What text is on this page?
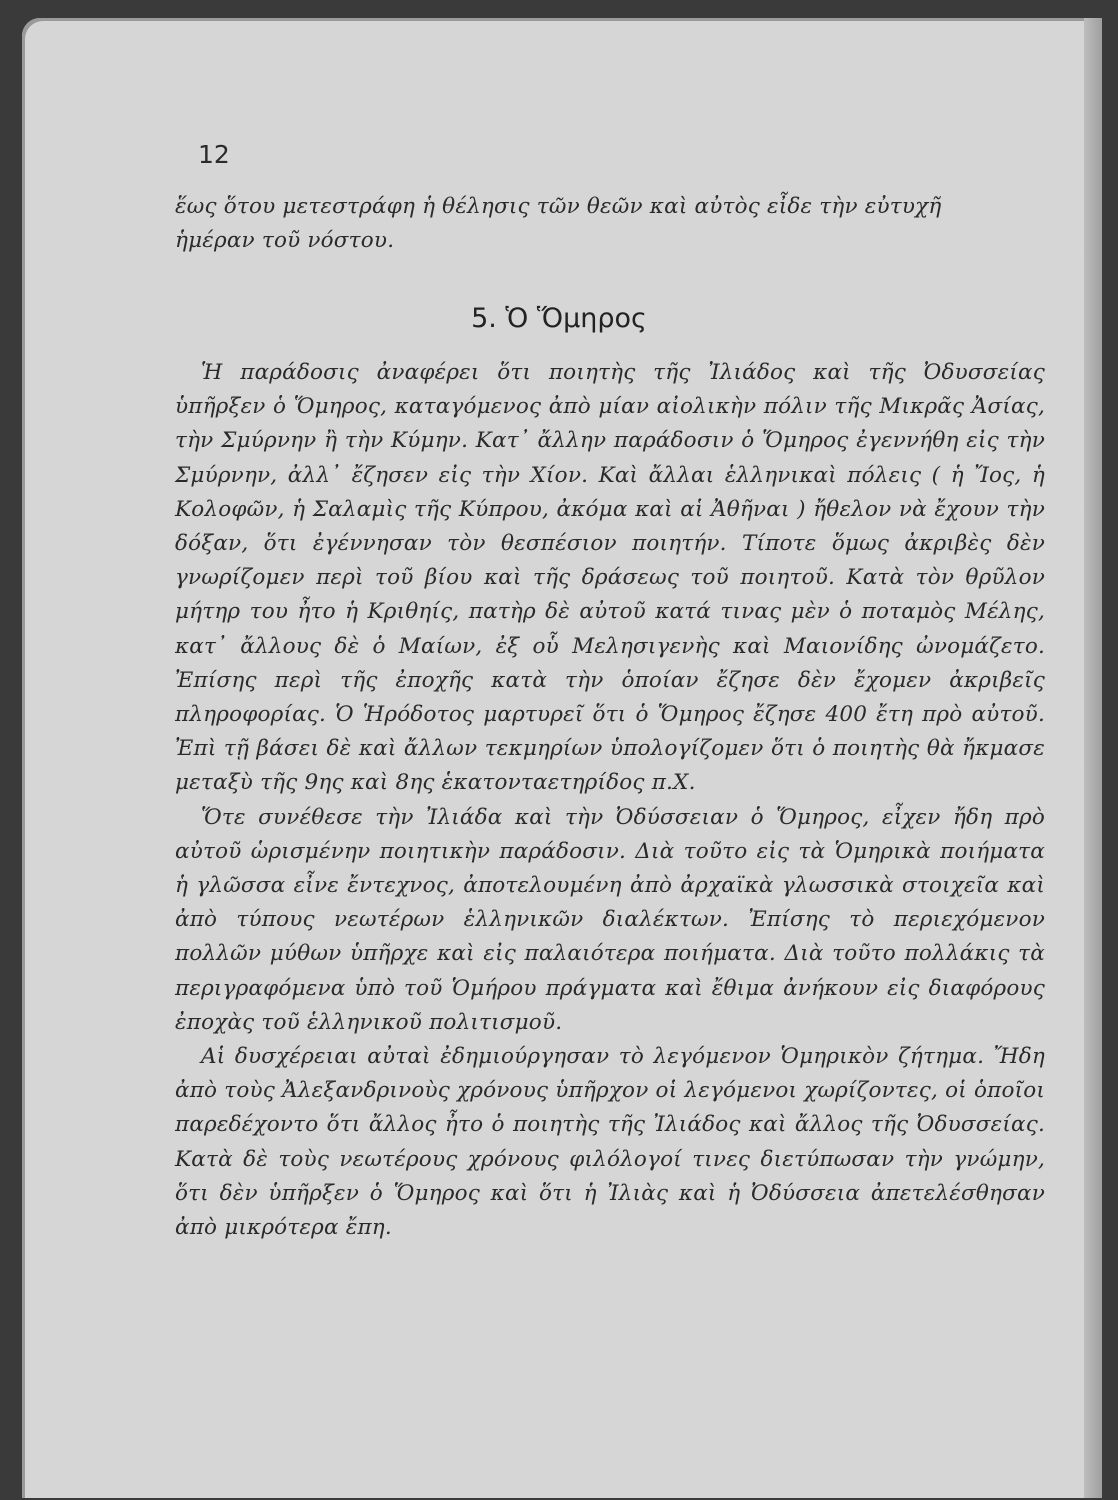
12

ἕως ὅτου μετεστράφη ἡ θέλησις τῶν θεῶν καὶ αὐτὸς εἶδε τὴν εὐτυχῆ

ἡμέραν τοῦ νόστου.

5. Ὁ Ὅμηρος

Ἡ παράδοσις ἀναφέρει ὅτι ποιητὴς τῆς Ἰλιάδος καὶ τῆς Ὀδυσσείας ὑπῆρξεν ὁ Ὅμηρος, καταγόμενος ἀπὸ μίαν αἰολικὴν πόλιν τῆς Μικρᾶς Ἀσίας, τὴν Σμύρνην ἢ τὴν Κύμην. Κατ᾽ ἄλλην παράδοσιν ὁ Ὅμηρος ἐγεννήθη εἰς τὴν Σμύρνην, ἀλλ᾽ ἔζησεν εἰς τὴν Χίον. Καὶ ἄλλαι ἑλληνικαὶ πόλεις ( ἡ Ἴος, ἡ Κολοφῶν, ἡ Σαλαμὶς τῆς Κύπρου, ἀκόμα καὶ αἱ Ἀθῆναι ) ἤθελον νὰ ἔχουν τὴν δόξαν, ὅτι ἐγέννησαν τὸν θεσπέσιον ποιητήν. Τίποτε ὅμως ἀκριβὲς δὲν γνωρίζομεν περὶ τοῦ βίου καὶ τῆς δράσεως τοῦ ποιητοῦ. Κατὰ τὸν θρῦλον μήτηρ του ἦτο ἡ Κριθηίς, πατὴρ δὲ αὐτοῦ κατά τινας μὲν ὁ ποταμὸς Μέλης, κατ᾽ ἄλλους δὲ ὁ Μαίων, ἐξ οὗ Μελησιγενὴς καὶ Μαιονίδης ὠνομάζετο. Ἐπίσης περὶ τῆς ἐποχῆς κατὰ τὴν ὁποίαν ἔζησε δὲν ἔχομεν ἀκριβεῖς πληροφορίας. Ὁ Ἡρόδοτος μαρτυρεῖ ὅτι ὁ Ὅμηρος ἔζησε 400 ἔτη πρὸ αὐτοῦ. Ἐπὶ τῇ βάσει δὲ καὶ ἄλλων τεκμηρίων ὑπολογίζομεν ὅτι ὁ ποιητὴς θὰ ἤκμασε μεταξὺ τῆς 9ης καὶ 8ης ἑκατονταετηρίδος π.Χ.

Ὅτε συνέθεσε τὴν Ἰλιάδα καὶ τὴν Ὀδύσσειαν ὁ Ὅμηρος, εἶχεν ἤδη πρὸ αὐτοῦ ὡρισμένην ποιητικὴν παράδοσιν. Διὰ τοῦτο εἰς τὰ Ὁμηρικὰ ποιήματα ἡ γλῶσσα εἶνε ἔντεχνος, ἀποτελουμένη ἀπὸ ἀρχαϊκὰ γλωσσικὰ στοιχεῖα καὶ ἀπὸ τύπους νεωτέρων ἑλληνικῶν διαλέκτων. Ἐπίσης τὸ περιεχόμενον πολλῶν μύθων ὑπῆρχε καὶ εἰς παλαιότερα ποιήματα. Διὰ τοῦτο πολλάκις τὰ περιγραφόμενα ὑπὸ τοῦ Ὁμήρου πράγματα καὶ ἔθιμα ἀνήκουν εἰς διαφόρους ἐποχὰς τοῦ ἑλληνικοῦ πολιτισμοῦ.

Αἱ δυσχέρειαι αὐταὶ ἐδημιούργησαν τὸ λεγόμενον Ὁμηρικὸν ζήτημα. Ἤδη ἀπὸ τοὺς Ἀλεξανδρινοὺς χρόνους ὑπῆρχον οἱ λεγόμενοι χωρίζοντες, οἱ ὁποῖοι παρεδέχοντο ὅτι ἄλλος ἦτο ὁ ποιητὴς τῆς Ἰλιάδος καὶ ἄλλος τῆς Ὀδυσσείας. Κατὰ δὲ τοὺς νεωτέρους χρόνους φιλόλογοί τινες διετύπωσαν τὴν γνώμην, ὅτι δὲν ὑπῆρξεν ὁ Ὅμηρος καὶ ὅτι ἡ Ἰλιὰς καὶ ἡ Ὀδύσσεια ἀπετελέσθησαν ἀπὸ μικρότερα ἔπη.
